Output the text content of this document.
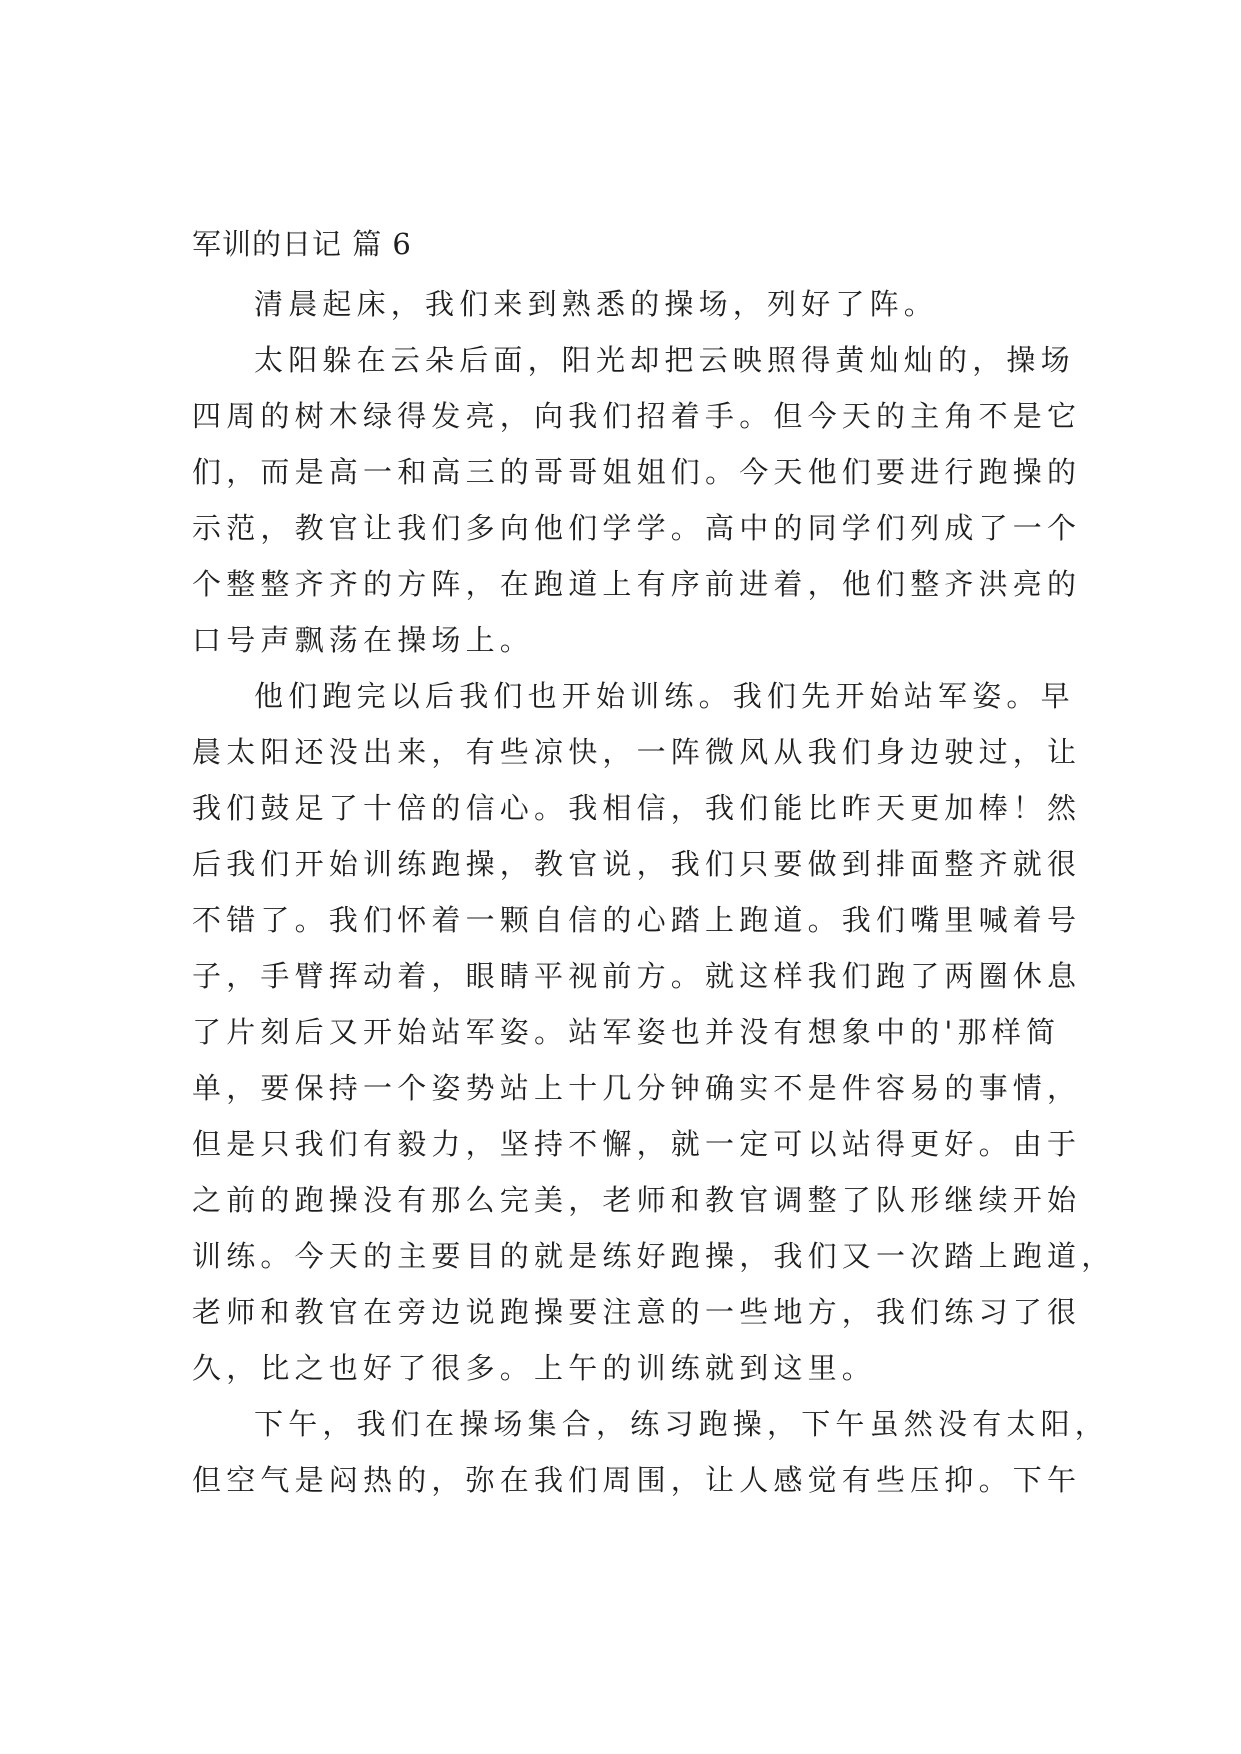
军训的日记 篇 6
清晨起床，我们来到熟悉的操场，列好了阵。
太阳躲在云朵后面，阳光却把云映照得黄灿灿的，操场
四周的树木绿得发亮，向我们招着手。但今天的主角不是它
们，而是高一和高三的哥哥姐姐们。今天他们要进行跑操的
示范，教官让我们多向他们学学。高中的同学们列成了一个
个整整齐齐的方阵，在跑道上有序前进着，他们整齐洪亮的
口号声飘荡在操场上。
他们跑完以后我们也开始训练。我们先开始站军姿。早
晨太阳还没出来，有些凉快，一阵微风从我们身边驶过，让
我们鼓足了十倍的信心。我相信，我们能比昨天更加棒！然
后我们开始训练跑操，教官说，我们只要做到排面整齐就很
不错了。我们怀着一颗自信的心踏上跑道。我们嘴里喊着号
子，手臂挥动着，眼睛平视前方。就这样我们跑了两圈休息
了片刻后又开始站军姿。站军姿也并没有想象中的'那样简
单，要保持一个姿势站上十几分钟确实不是件容易的事情，
但是只我们有毅力，坚持不懈，就一定可以站得更好。由于
之前的跑操没有那么完美，老师和教官调整了队形继续开始
训练。今天的主要目的就是练好跑操，我们又一次踏上跑道，
老师和教官在旁边说跑操要注意的一些地方，我们练习了很
久，比之也好了很多。上午的训练就到这里。
下午，我们在操场集合，练习跑操，下午虽然没有太阳，
但空气是闷热的，弥在我们周围，让人感觉有些压抑。下午
